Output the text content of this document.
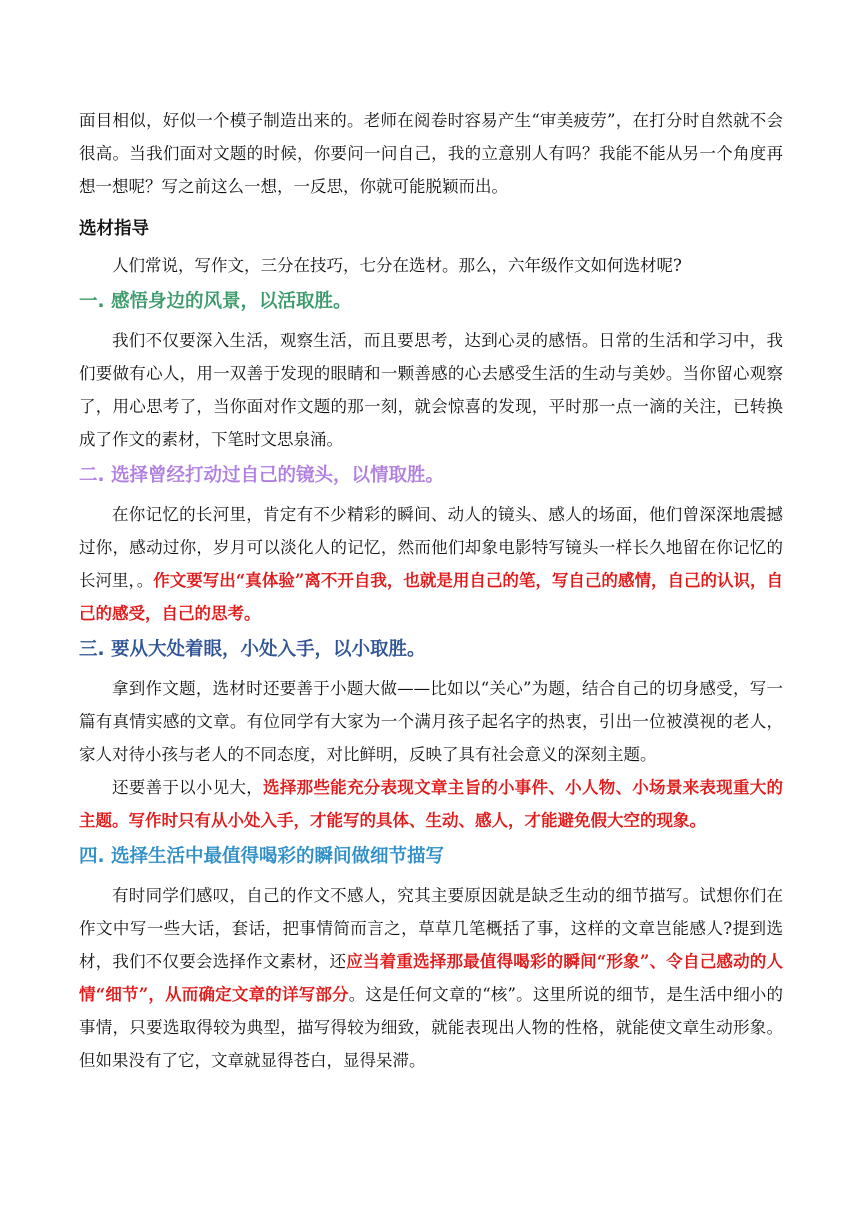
面目相似，好似一个模子制造出来的。老师在阅卷时容易产生“审美疲劳”，在打分时自然就不会很高。当我们面对文题的时候，你要问一问自己，我的立意别人有吗？我能不能从另一个角度再想一想呢？写之前这么一想，一反思，你就可能脱颖而出。

选材指导

人们常说，写作文，三分在技巧，七分在选材。那么，六年级作文如何选材呢?

一. 感悟身边的风景，以活取胜。

我们不仅要深入生活，观察生活，而且要思考，达到心灵的感悟。日常的生活和学习中，我们要做有心人，用一双善于发现的眼睛和一颗善感的心去感受生活的生动与美妙。当你留心观察了，用心思考了，当你面对作文题的那一刻，就会惊喜的发现，平时那一点一滴的关注，已转换成了作文的素材，下笔时文思泉涌。

二. 选择曾经打动过自己的镜头，以情取胜。

在你记忆的长河里，肯定有不少精彩的瞬间、动人的镜头、感人的场面，他们曾深深地震撼过你，感动过你，岁月可以淡化人的记忆，然而他们却象电影特写镜头一样长久地留在你记忆的长河里，。作文要写出“真体验”离不开自我，也就是用自己的笔，写自己的感情，自己的认识，自己的感受，自己的思考。

三. 要从大处着眼，小处入手，以小取胜。

拿到作文题，选材时还要善于小题大做——比如以“关心”为题，结合自己的切身感受，写一篇有真情实感的文章。有位同学有大家为一个满月孩子起名字的热衷，引出一位被漠视的老人，家人对待小孩与老人的不同态度，对比鲜明，反映了具有社会意义的深刻主题。

还要善于以小见大，选择那些能充分表现文章主旨的小事件、小人物、小场景来表现重大的主题。写作时只有从小处入手，才能写的具体、生动、感人，才能避免假大空的现象。

四. 选择生活中最值得喝彩的瞬间做细节描写

有时同学们感叹，自己的作文不感人，究其主要原因就是缺乏生动的细节描写。试想你们在作文中写一些大话，套话，把事情简而言之，草草几笔概括了事，这样的文章岂能感人?提到选材，我们不仅要会选择作文素材，还应当着重选择那最值得喝彩的瞬间“形象”、令自己感动的人情“细节”，从而确定文章的详写部分。这是任何文章的“核”。这里所说的细节，是生活中细小的事情，只要选取得较为典型，描写得较为细致，就能表现出人物的性格，就能使文章生动形象。但如果没有了它，文章就显得苍白，显得呆滞。
